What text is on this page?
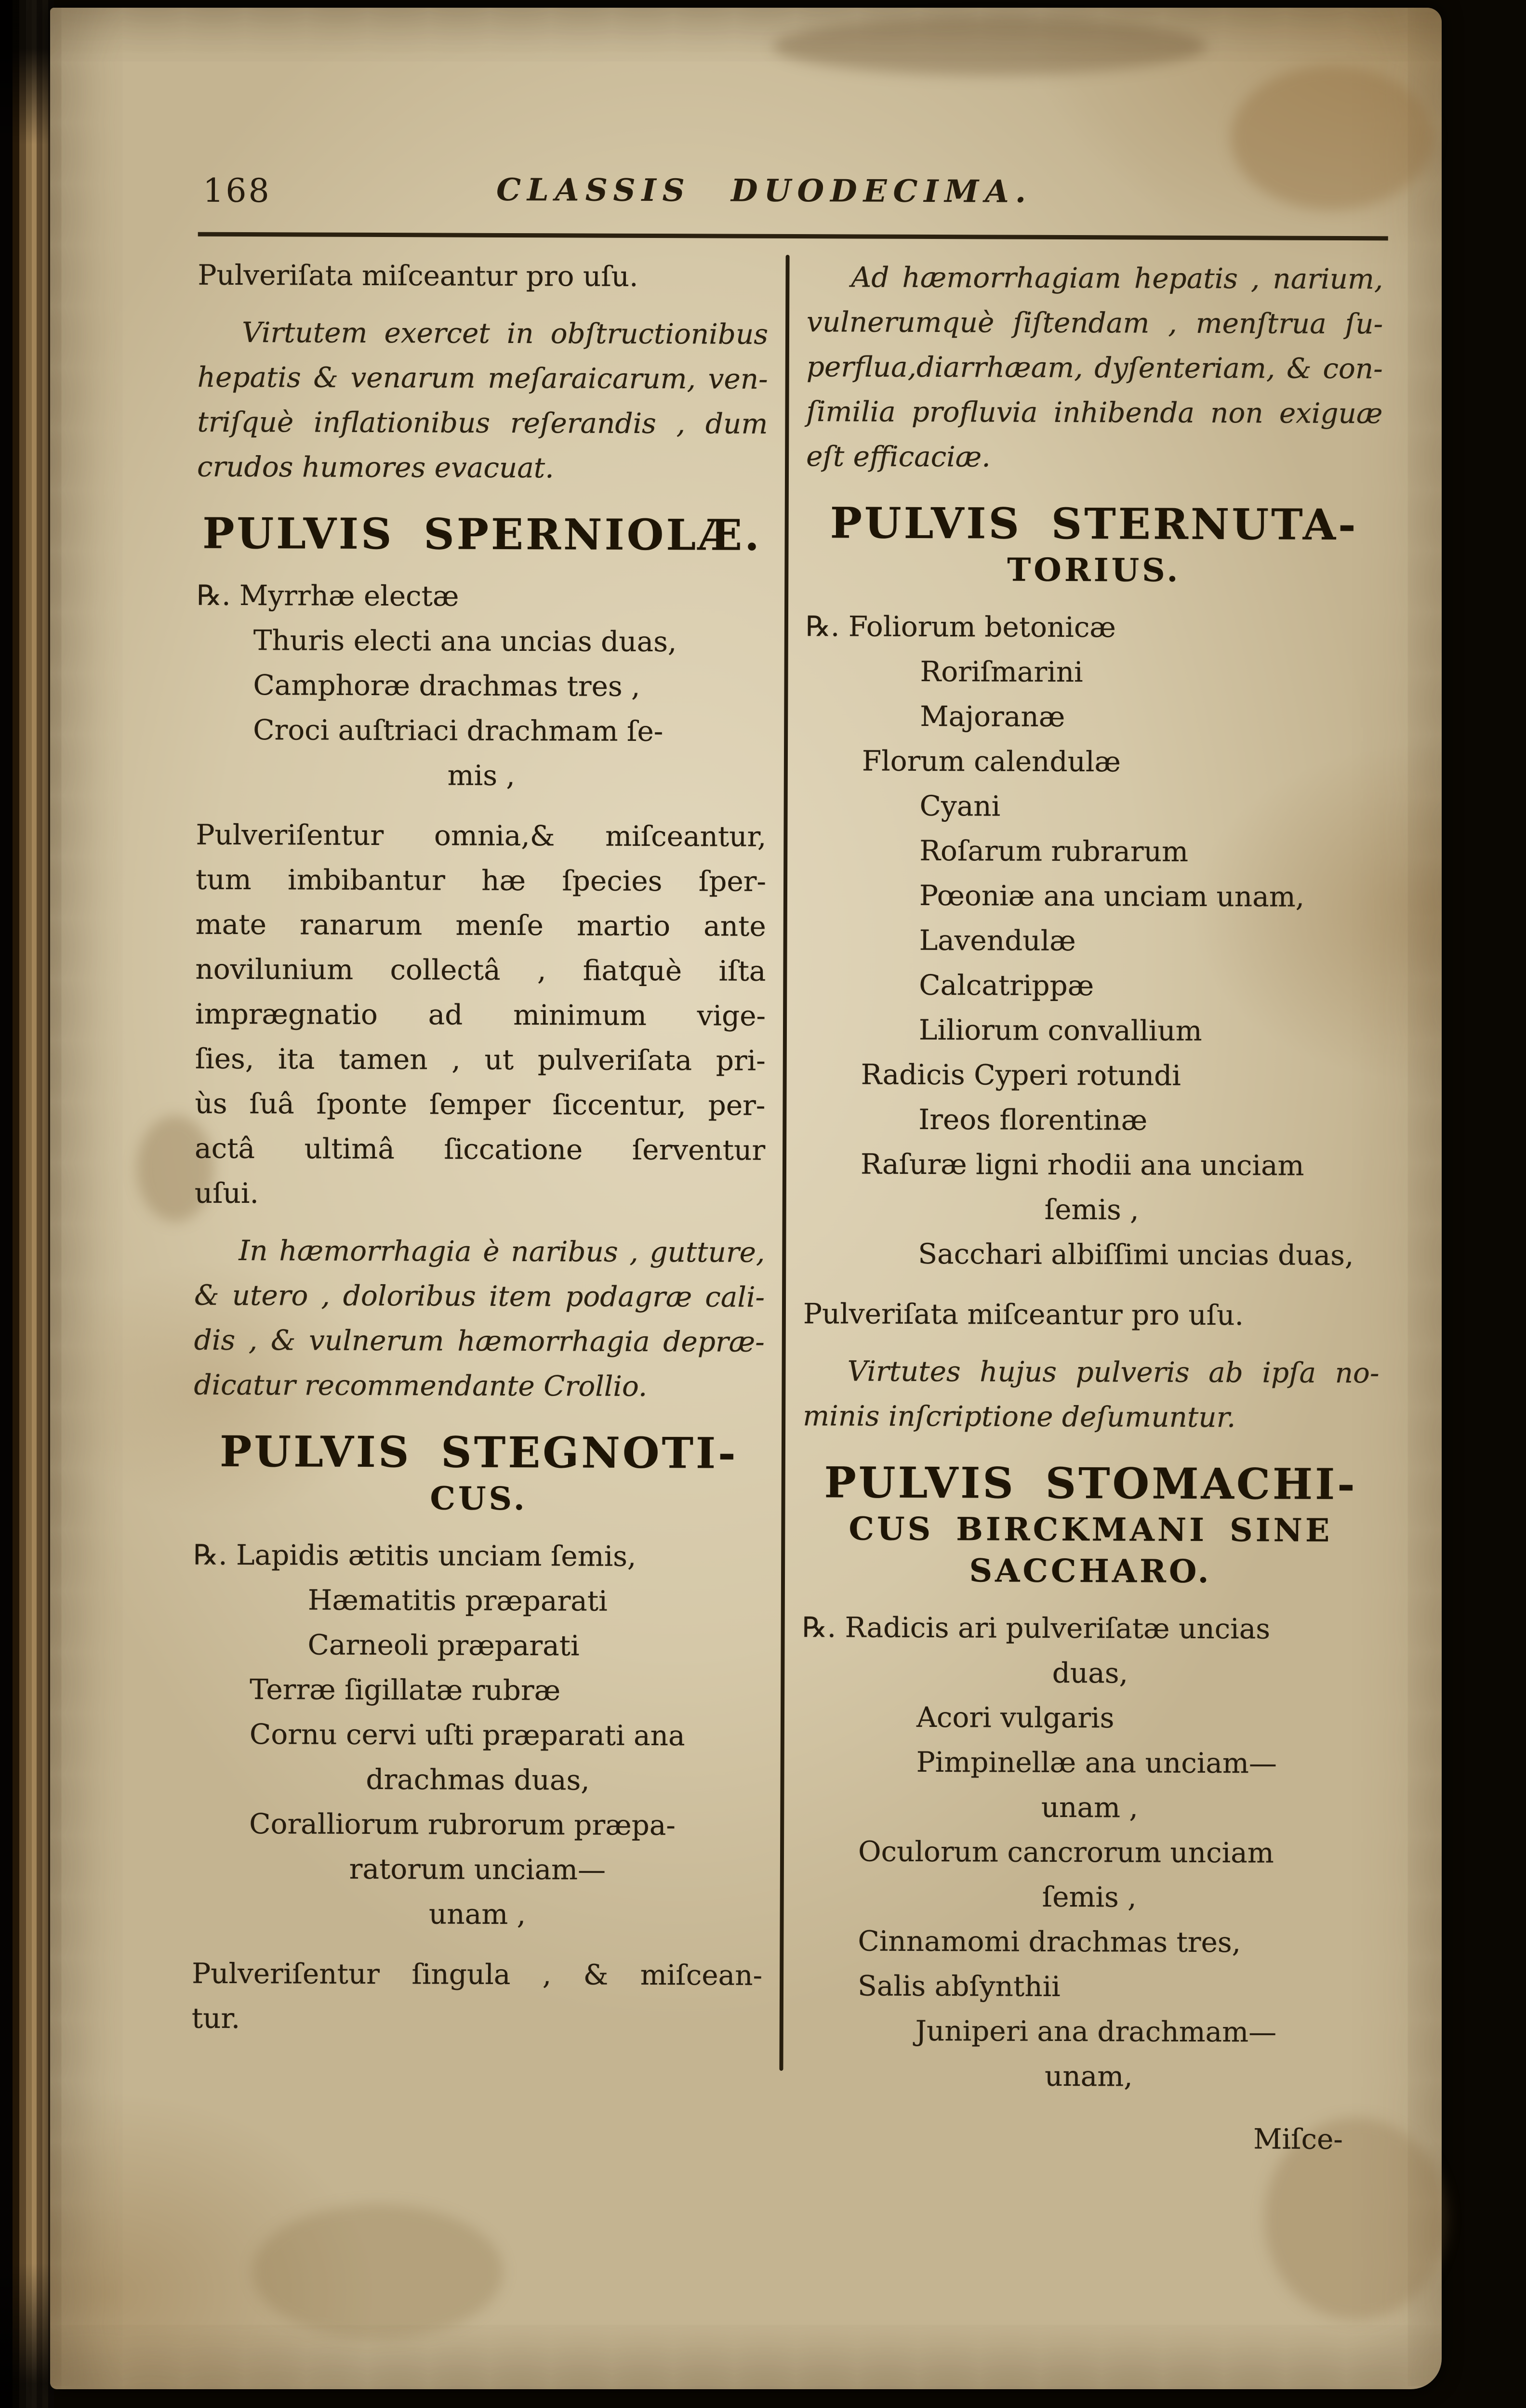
168	CLASSIS DUODECIMA.
Pulveriſata miſceantur pro uſu.
Virtutem exercet in obſtructionibus
hepatis & venarum meſaraicarum, ven-
triſquè inflationibus reſerandis , dum
crudos humores evacuat.
PULVIS SPERNIOLÆ.
℞. Myrrhæ electæ
Thuris electi ana uncias duas,
Camphoræ drachmas tres ,
Croci auſtriaci drachmam ſe-
mis ,
Pulveriſentur omnia,& miſceantur,
tum imbibantur hæ ſpecies ſper-
mate ranarum menſe martio ante
novilunium collectâ , fiatquè iſta
imprægnatio ad minimum vige-
ſies, ita tamen , ut pulveriſata pri-
ùs ſuâ ſponte ſemper ſiccentur, per-
actâ ultimâ ſiccatione ſerventur
uſui.
In hæmorrhagia è naribus , gutture,
& utero , doloribus item podagræ cali-
dis , & vulnerum hæmorrhagia depræ-
dicatur recommendante Crollio.
PULVIS STEGNOTI-
CUS.
℞. Lapidis ætitis unciam ſemis,
Hæmatitis præparati
Carneoli præparati
Terræ ſigillatæ rubræ
Cornu cervi uſti præparati ana
drachmas duas,
Coralliorum rubrorum præpa-
ratorum unciam—
unam ,
Pulveriſentur ſingula , & miſcean-
tur.
Ad hæmorrhagiam hepatis , narium,
vulnerumquè ſiſtendam , menſtrua ſu-
perflua,diarrhæam, dyſenteriam, & con-
ſimilia profluvia inhibenda non exiguæ
eſt efficaciæ.
PULVIS STERNUTA-
TORIUS.
℞. Foliorum betonicæ
Roriſmarini
Majoranæ
Florum calendulæ
Cyani
Roſarum rubrarum
Pœoniæ ana unciam unam,
Lavendulæ
Calcatrippæ
Liliorum convallium
Radicis Cyperi rotundi
Ireos florentinæ
Raſuræ ligni rhodii ana unciam
ſemis ,
Sacchari albiſſimi uncias duas,
Pulveriſata miſceantur pro uſu.
Virtutes hujus pulveris ab ipſa no-
minis inſcriptione deſumuntur.
PULVIS STOMACHI-
CUS BIRCKMANI SINE
SACCHARO.
℞. Radicis ari pulveriſatæ uncias
duas,
Acori vulgaris
Pimpinellæ ana unciam—
unam ,
Oculorum cancrorum unciam
ſemis ,
Cinnamomi drachmas tres,
Salis abſynthii
Juniperi ana drachmam—
unam,
Miſce-
